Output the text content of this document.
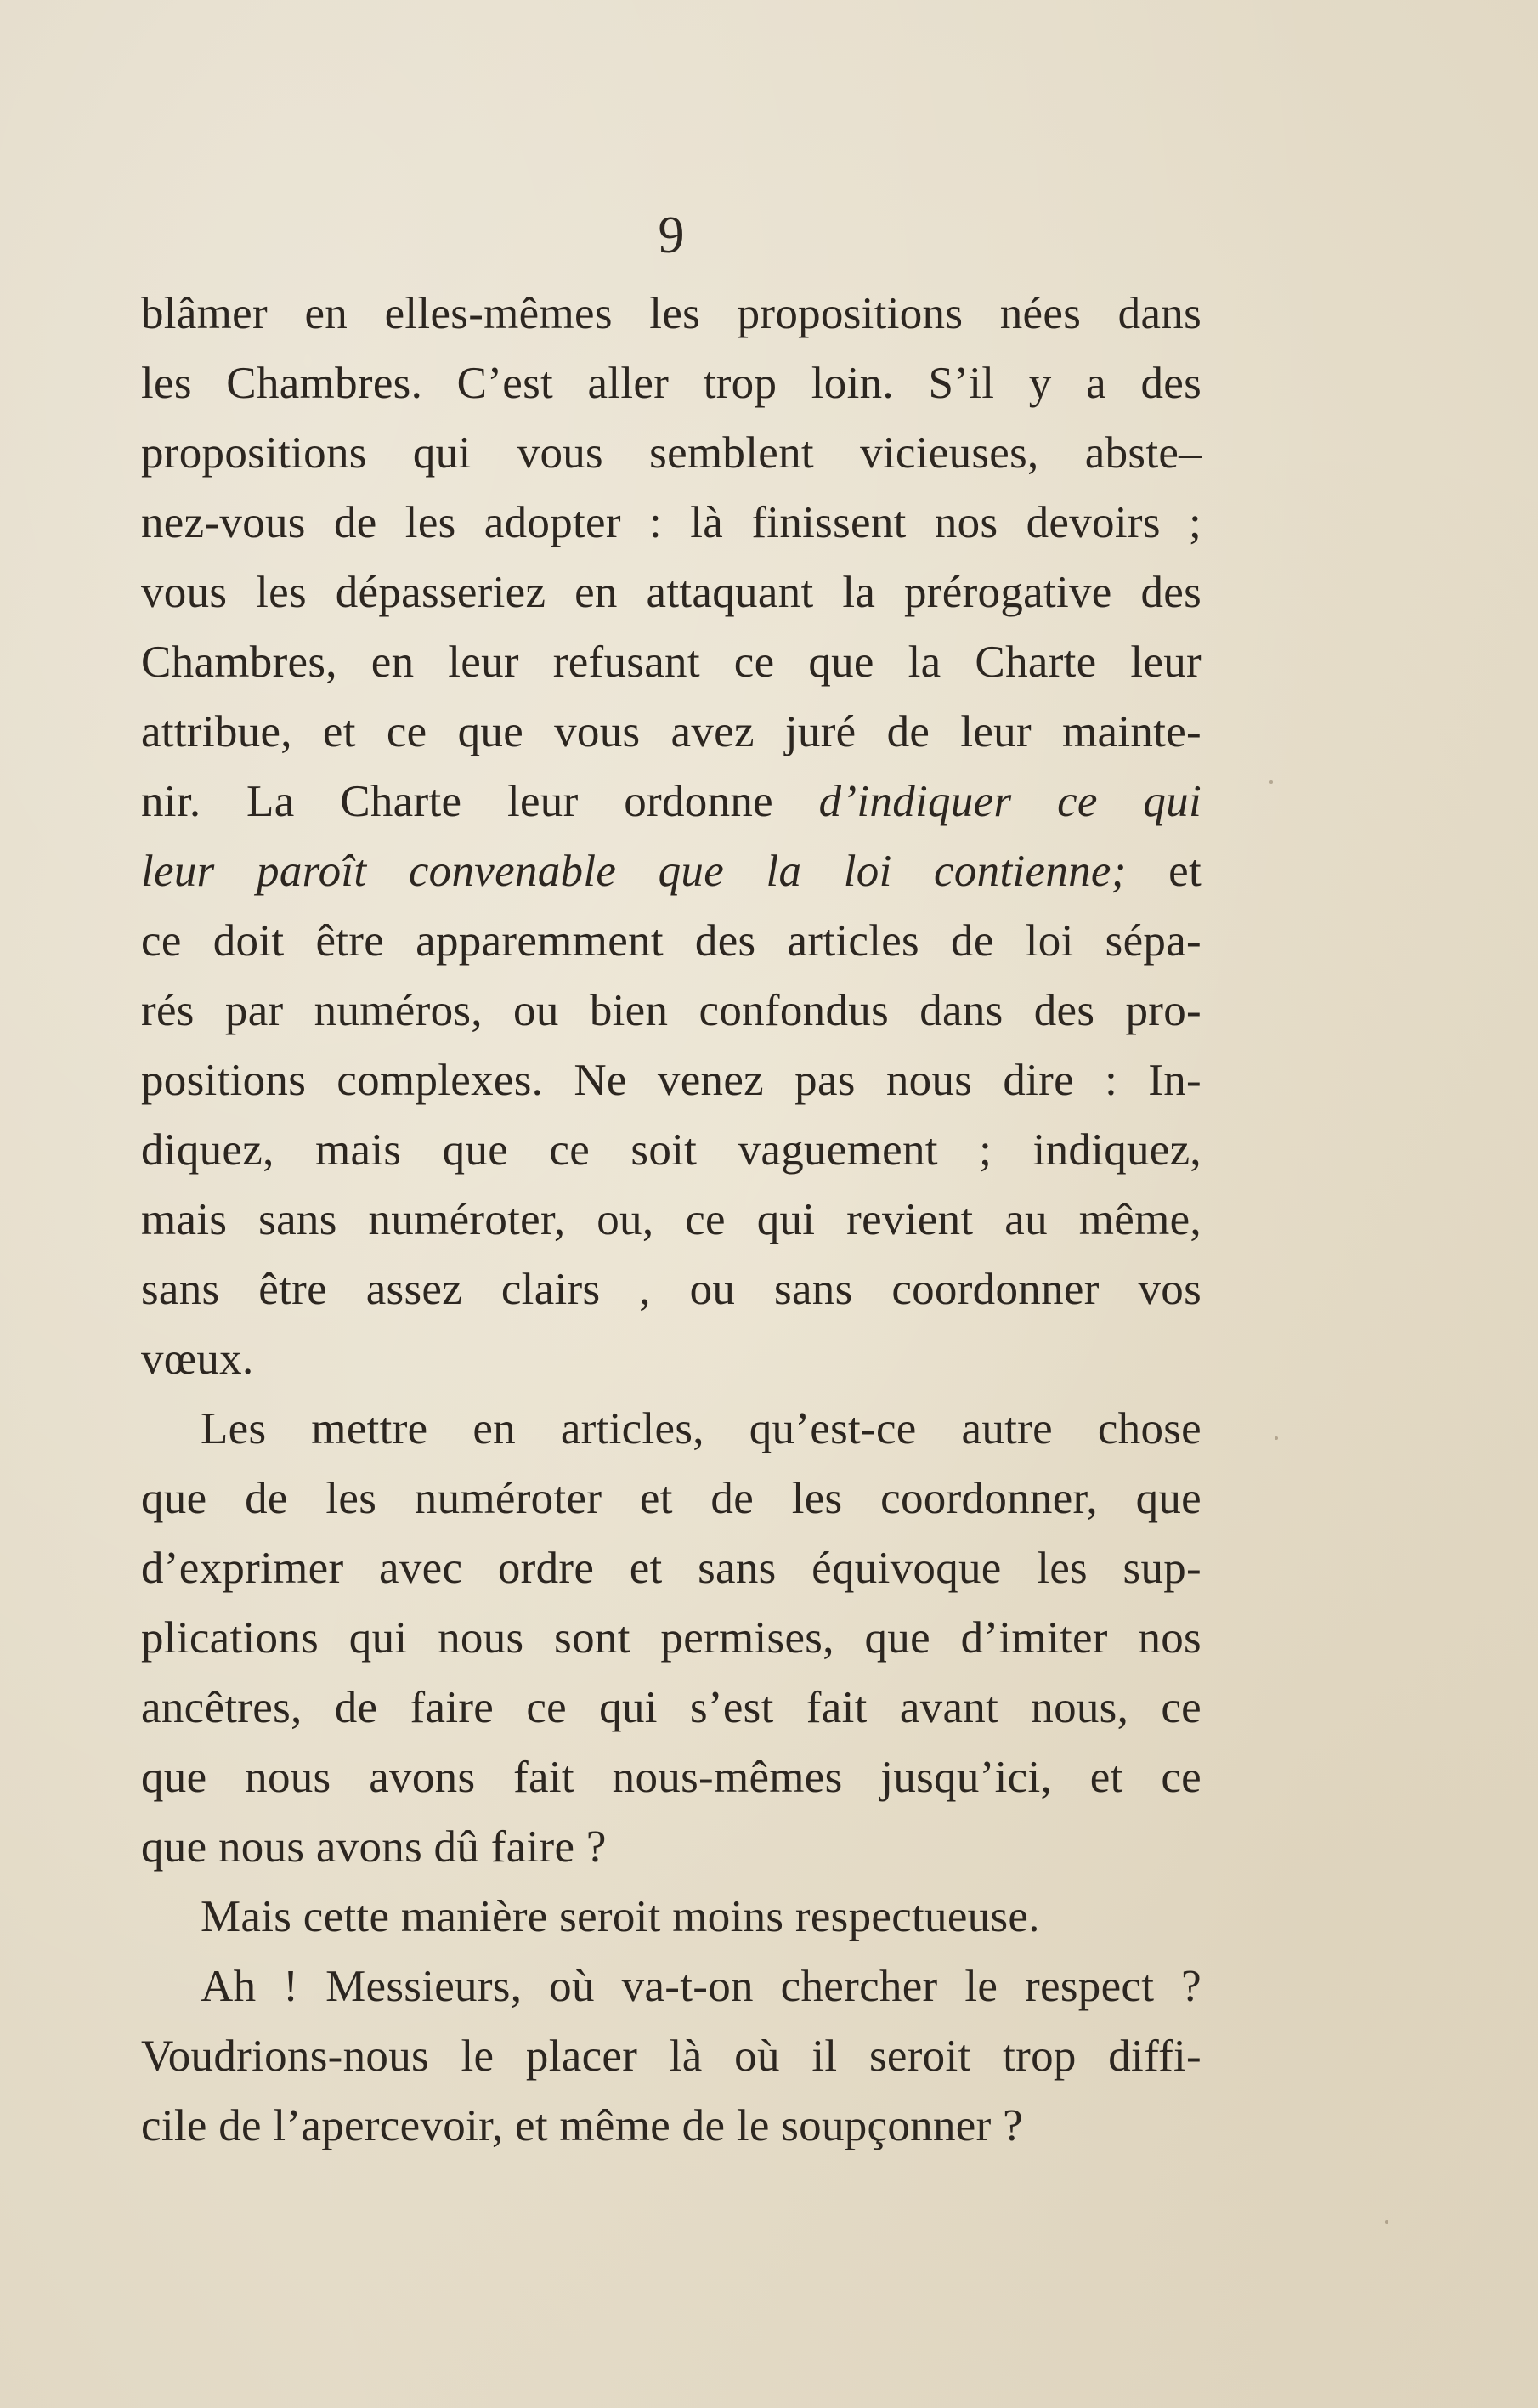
9
blâmer en elles-mêmes les propositions nées dans
les Chambres. C’est aller trop loin. S’il y a des
propositions qui vous semblent vicieuses, abste–
nez-vous de les adopter : là finissent nos devoirs ;
vous les dépasseriez en attaquant la prérogative des
Chambres, en leur refusant ce que la Charte leur
attribue, et ce que vous avez juré de leur mainte-
nir. La Charte leur ordonne d’indiquer ce qui
leur paroît convenable que la loi contienne; et
ce doit être apparemment des articles de loi sépa-
rés par numéros, ou bien confondus dans des pro-
positions complexes. Ne venez pas nous dire : In-
diquez, mais que ce soit vaguement ; indiquez,
mais sans numéroter, ou, ce qui revient au même,
sans être assez clairs , ou sans coordonner vos
vœux.
Les mettre en articles, qu’est-ce autre chose
que de les numéroter et de les coordonner, que
d’exprimer avec ordre et sans équivoque les sup-
plications qui nous sont permises, que d’imiter nos
ancêtres, de faire ce qui s’est fait avant nous, ce
que nous avons fait nous-mêmes jusqu’ici, et ce
que nous avons dû faire ?
Mais cette manière seroit moins respectueuse.
Ah ! Messieurs, où va-t-on chercher le respect ?
Voudrions-nous le placer là où il seroit trop diffi-
cile de l’apercevoir, et même de le soupçonner ?
